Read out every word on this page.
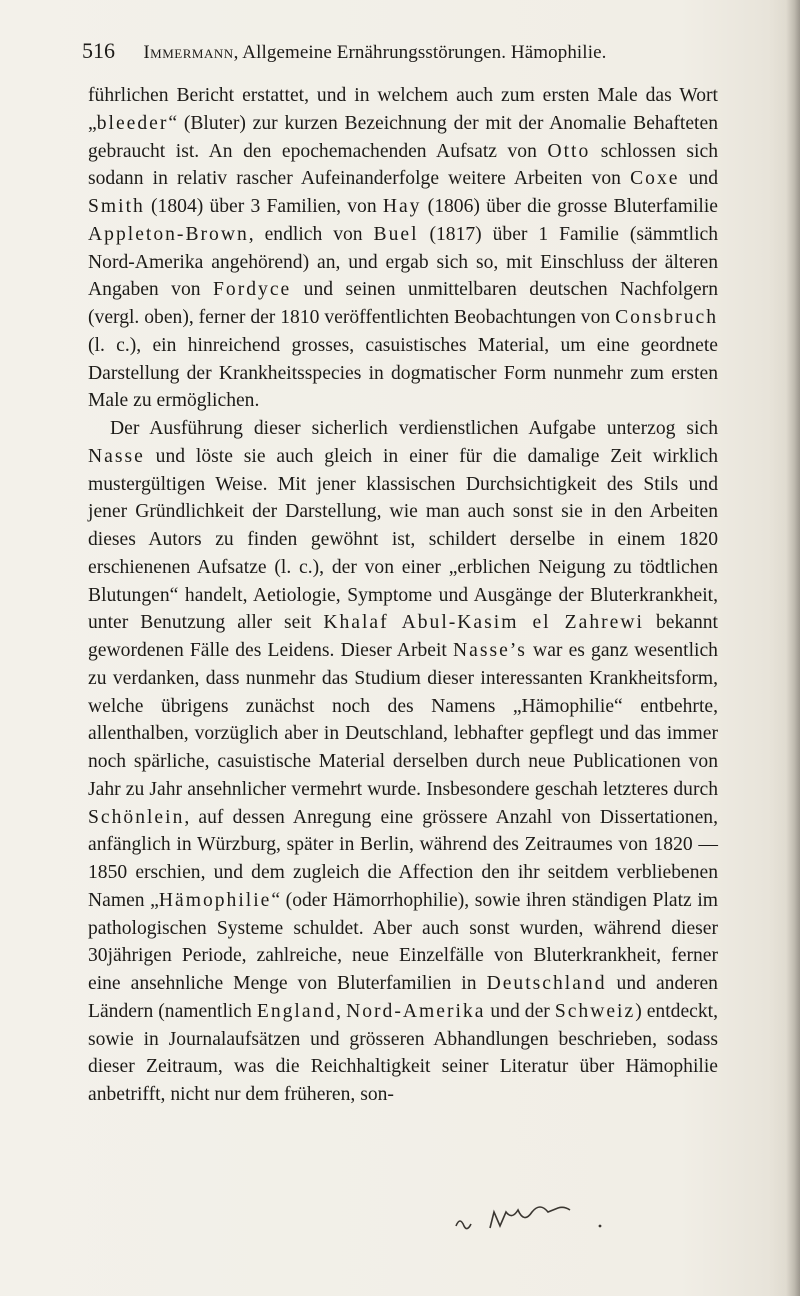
516 Immermann, Allgemeine Ernährungsstörungen. Hämophilie.

führlichen Bericht erstattet, und in welchem auch zum ersten Male das Wort „bleeder“ (Bluter) zur kurzen Bezeichnung der mit der Anomalie Behafteten gebraucht ist. An den epochemachenden Aufsatz von Otto schlossen sich sodann in relativ rascher Aufeinanderfolge weitere Arbeiten von Coxe und Smith (1804) über 3 Familien, von Hay (1806) über die grosse Bluterfamilie Appleton-Brown, endlich von Buel (1817) über 1 Familie (sämmtlich Nord-Amerika angehörend) an, und ergab sich so, mit Einschluss der älteren Angaben von Fordyce und seinen unmittelbaren deutschen Nachfolgern (vergl. oben), ferner der 1810 veröffentlichten Beobachtungen von Consbruch (l. c.), ein hinreichend grosses, casuistisches Material, um eine geordnete Darstellung der Krankheitsspecies in dogmatischer Form nunmehr zum ersten Male zu ermöglichen.

Der Ausführung dieser sicherlich verdienstlichen Aufgabe unterzog sich Nasse und löste sie auch gleich in einer für die damalige Zeit wirklich mustergültigen Weise. Mit jener klassischen Durchsichtigkeit des Stils und jener Gründlichkeit der Darstellung, wie man auch sonst sie in den Arbeiten dieses Autors zu finden gewöhnt ist, schildert derselbe in einem 1820 erschienenen Aufsatze (l. c.), der von einer „erblichen Neigung zu tödtlichen Blutungen“ handelt, Aetiologie, Symptome und Ausgänge der Bluterkrankheit, unter Benutzung aller seit Khalaf Abul-Kasim el Zahrewi bekannt gewordenen Fälle des Leidens. Dieser Arbeit Nasse’s war es ganz wesentlich zu verdanken, dass nunmehr das Studium dieser interessanten Krankheitsform, welche übrigens zunächst noch des Namens „Hämophilie“ entbehrte, allenthalben, vorzüglich aber in Deutschland, lebhafter gepflegt und das immer noch spärliche, casuistische Material derselben durch neue Publicationen von Jahr zu Jahr ansehnlicher vermehrt wurde. Insbesondere geschah letzteres durch Schönlein, auf dessen Anregung eine grössere Anzahl von Dissertationen, anfänglich in Würzburg, später in Berlin, während des Zeitraumes von 1820 — 1850 erschien, und dem zugleich die Affection den ihr seitdem verbliebenen Namen „Hämophilie“ (oder Hämorrhophilie), sowie ihren ständigen Platz im pathologischen Systeme schuldet. Aber auch sonst wurden, während dieser 30jährigen Periode, zahlreiche, neue Einzelfälle von Bluterkrankheit, ferner eine ansehnliche Menge von Bluterfamilien in Deutschland und anderen Ländern (namentlich England, Nord-Amerika und der Schweiz) entdeckt, sowie in Journalaufsätzen und grösseren Abhandlungen beschrieben, sodass dieser Zeitraum, was die Reichhaltigkeit seiner Literatur über Hämophilie anbetrifft, nicht nur dem früheren, son-
